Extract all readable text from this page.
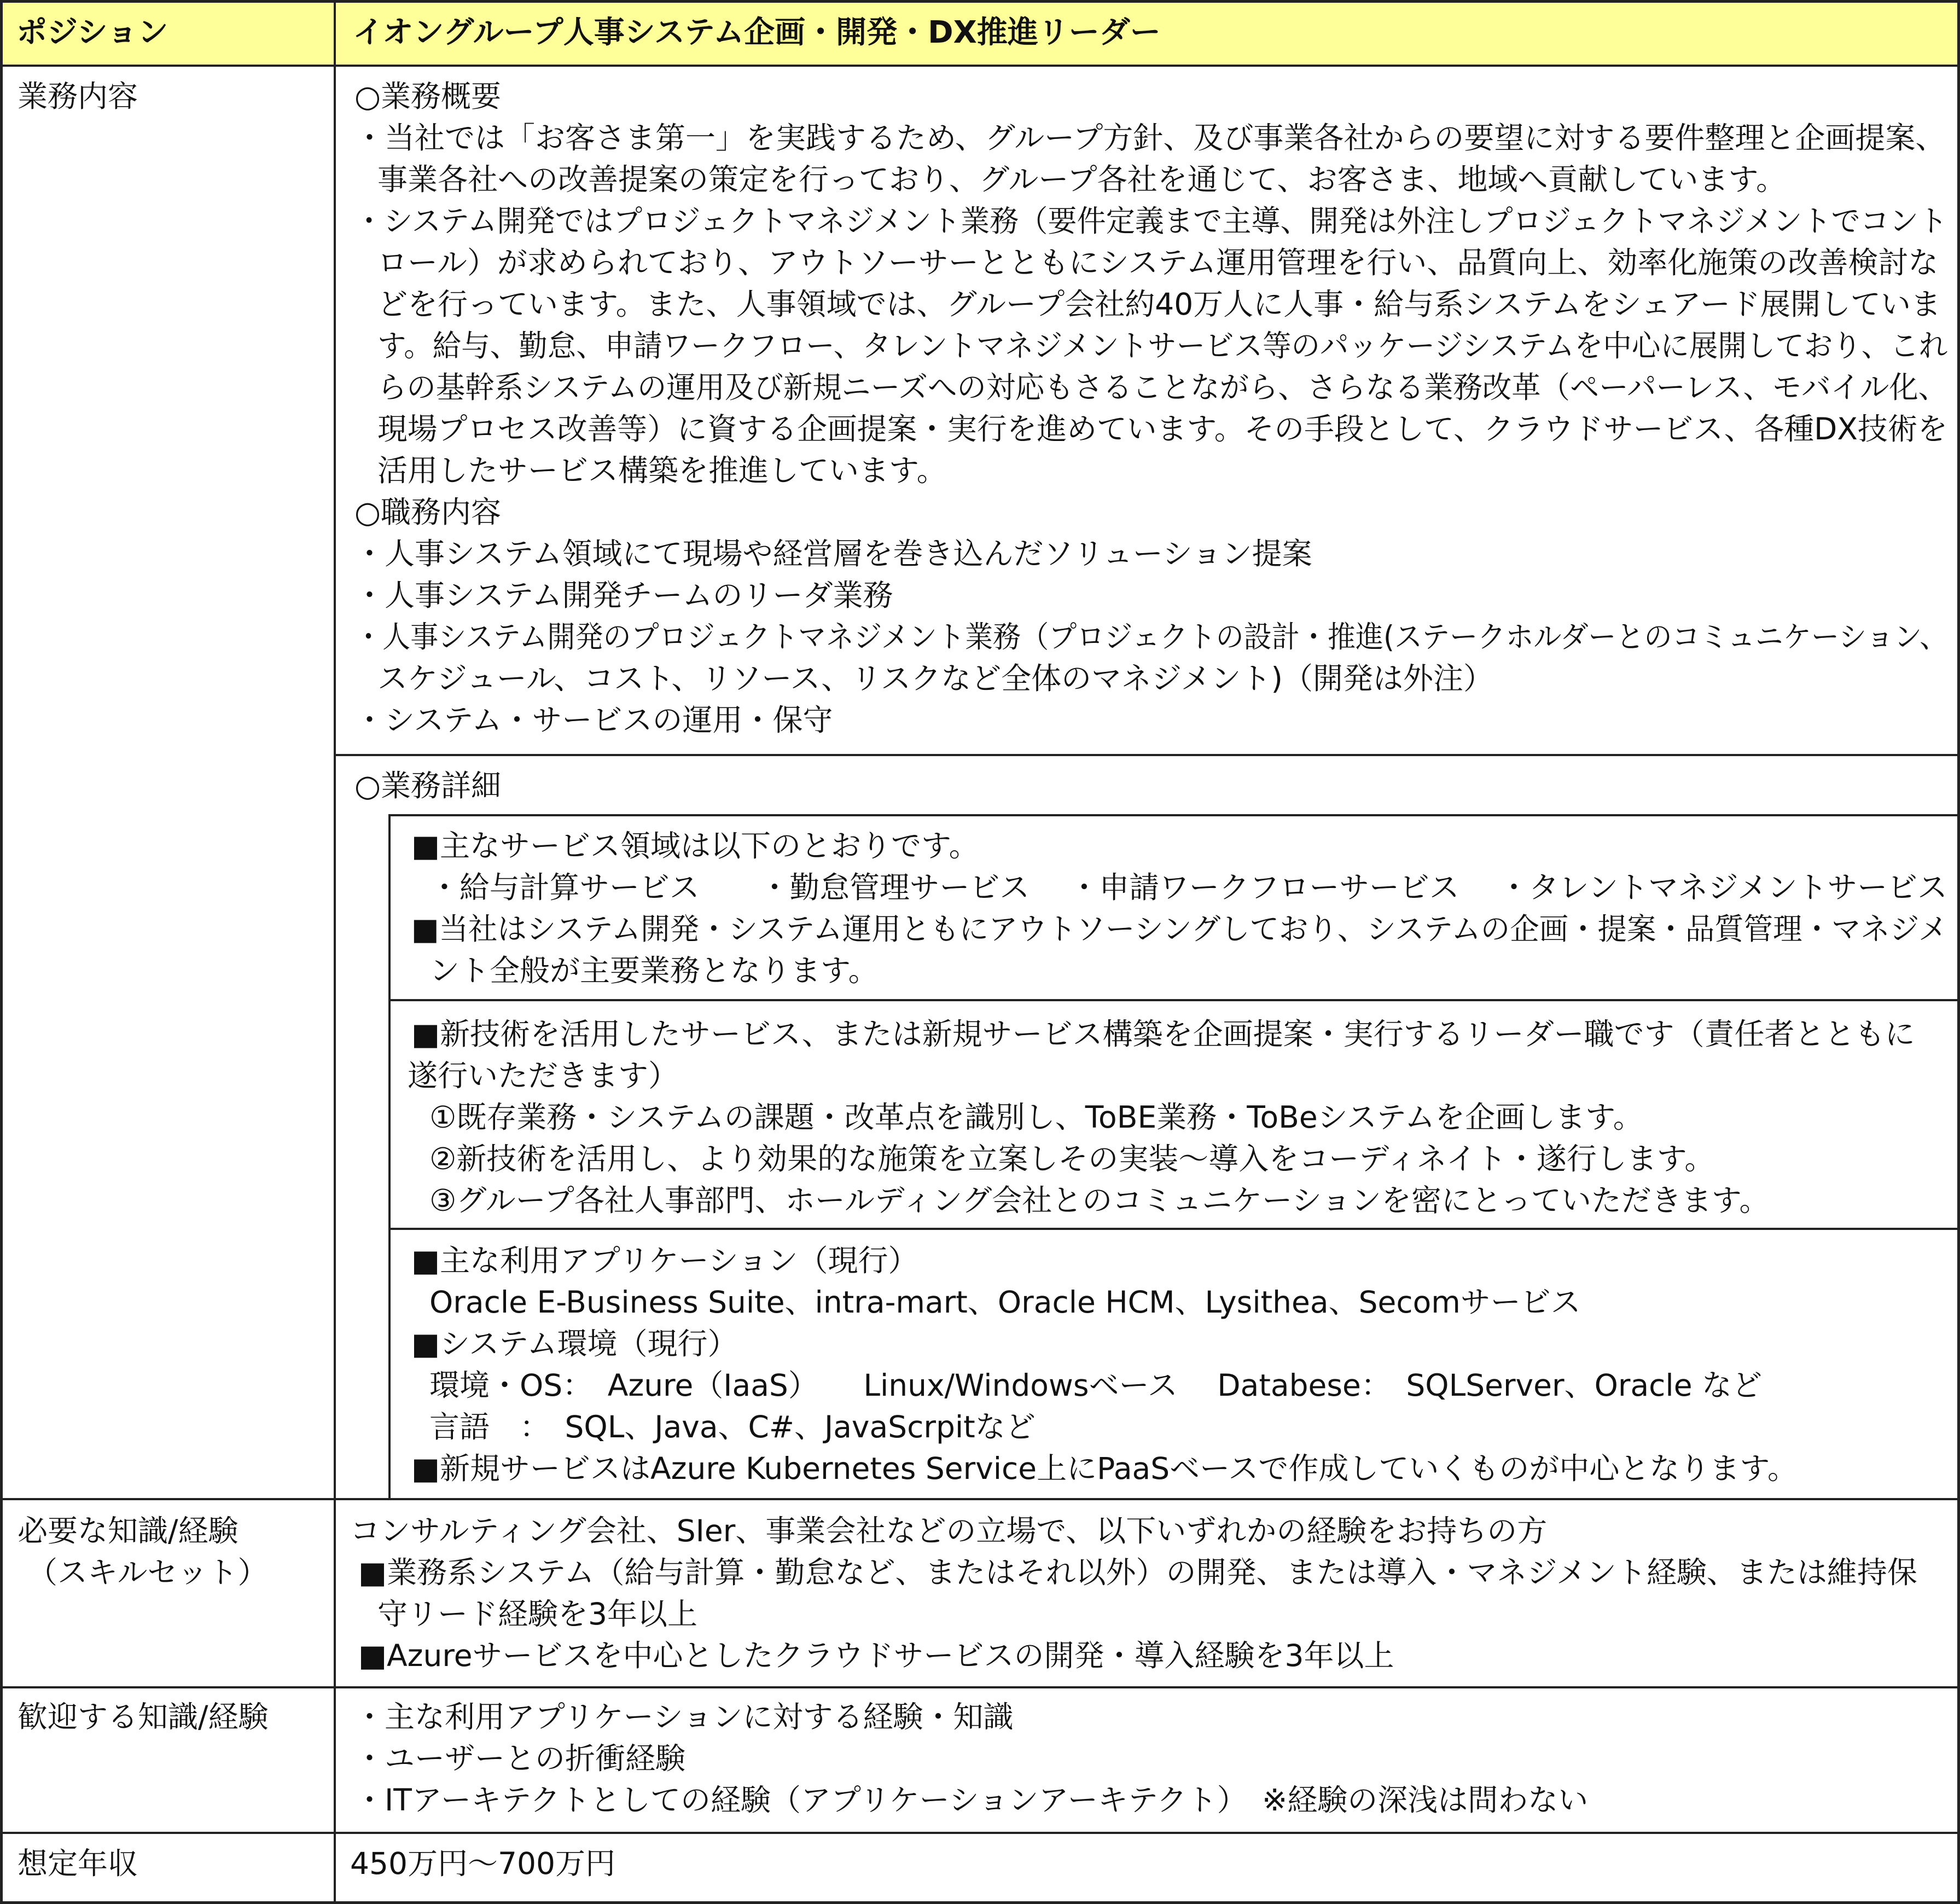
ポジション	イオングループ人事システム企画・開発・DX推進リーダー
業務内容
必要な知識/経験
（スキルセット）
歓迎する知識/経験
想定年収
○業務概要
・当社では「お客さま第一」を実践するため、グループ方針、及び事業各社からの要望に対する要件整理と企画提案、
事業各社への改善提案の策定を行っており、グループ各社を通じて、お客さま、地域へ貢献しています。
・システム開発ではプロジェクトマネジメント業務（要件定義まで主導、開発は外注しプロジェクトマネジメントでコント
ロール）が求められており、アウトソーサーとともにシステム運用管理を行い、品質向上、効率化施策の改善検討な
どを行っています。また、人事領域では、グループ会社約40万人に人事・給与系システムをシェアード展開していま
す。給与、勤怠、申請ワークフロー、タレントマネジメントサービス等のパッケージシステムを中心に展開しており、これ
らの基幹系システムの運用及び新規ニーズへの対応もさることながら、さらなる業務改革（ペーパーレス、モバイル化、
現場プロセス改善等）に資する企画提案・実行を進めています。その手段として、クラウドサービス、各種DX技術を
活用したサービス構築を推進しています。
○職務内容
・人事システム領域にて現場や経営層を巻き込んだソリューション提案
・人事システム開発チームのリーダ業務
・人事システム開発のプロジェクトマネジメント業務（プロジェクトの設計・推進(ステークホルダーとのコミュニケーション、
スケジュール、コスト、リソース、リスクなど全体のマネジメント)（開発は外注）
・システム・サービスの運用・保守
○業務詳細
■主なサービス領域は以下のとおりです。
・給与計算サービス　　・勤怠管理サービス　 ・申請ワークフローサービス　 ・タレントマネジメントサービス
■当社はシステム開発・システム運用ともにアウトソーシングしており、システムの企画・提案・品質管理・マネジメ
ント全般が主要業務となります。
■新技術を活用したサービス、または新規サービス構築を企画提案・実行するリーダー職です（責任者とともに
遂行いただきます）
①既存業務・システムの課題・改革点を識別し、ToBE業務・ToBeシステムを企画します。
②新技術を活用し、より効果的な施策を立案しその実装～導入をコーディネイト・遂行します。
③グループ各社人事部門、ホールディング会社とのコミュニケーションを密にとっていただきます。
■主な利用アプリケーション（現行）
Oracle E-Business Suite、intra-mart、Oracle HCM、Lysithea、Secomサービス
■システム環境（現行）
環境・OS：　Azure（IaaS）　　Linux/Windowsベース　 Databese：　SQLServer、Oracle など
言語　：　SQL、Java、C#、JavaScrpitなど
■新規サービスはAzure Kubernetes Service上にPaaSベースで作成していくものが中心となります。
コンサルティング会社、SIer、事業会社などの立場で、以下いずれかの経験をお持ちの方
■業務系システム（給与計算・勤怠など、またはそれ以外）の開発、または導入・マネジメント経験、または維持保
守リード経験を3年以上
■Azureサービスを中心としたクラウドサービスの開発・導入経験を3年以上
・主な利用アプリケーションに対する経験・知識
・ユーザーとの折衝経験
・ITアーキテクトとしての経験（アプリケーションアーキテクト）　※経験の深浅は問わない
450万円～700万円
